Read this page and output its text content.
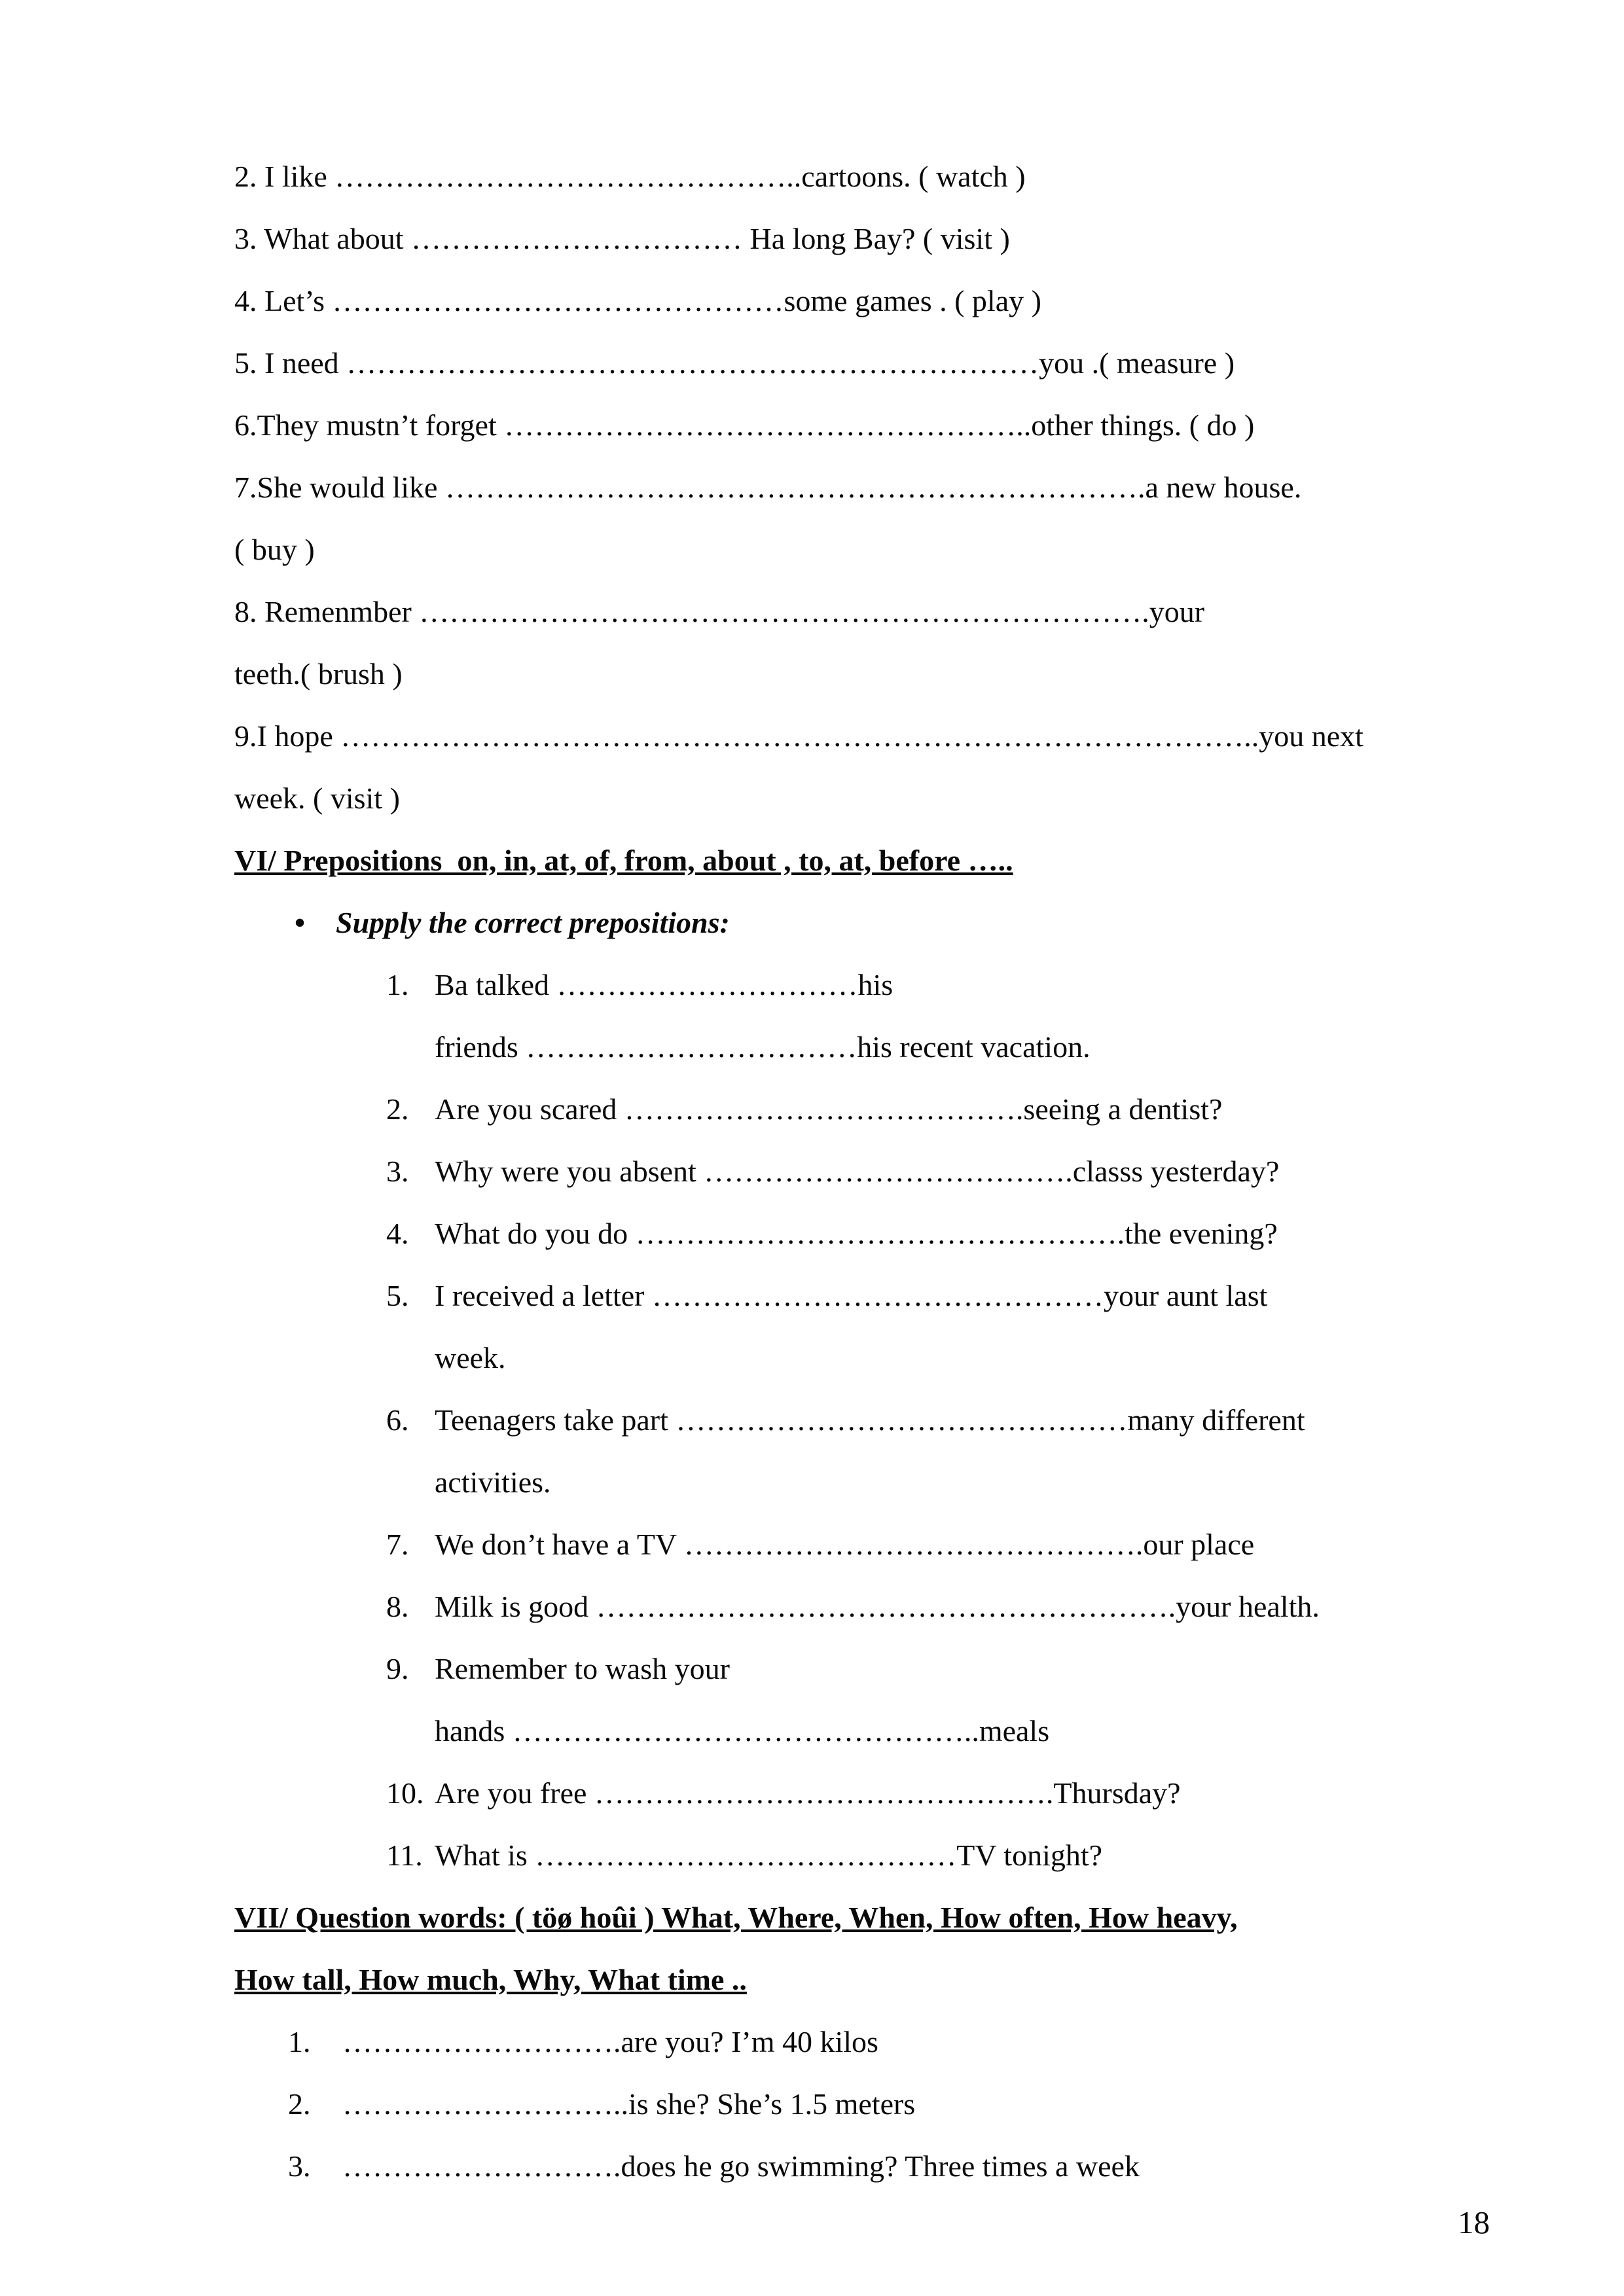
2. I like ………………………………………..cartoons. ( watch )

3. What about …………………………… Ha long Bay? ( visit )

4. Let’s ………………………………………some games . ( play )

5. I need ……………………………………………………………you .( measure )

6.They mustn’t forget ……………………………………………..other things. ( do )

7.She would like …………………………………………………………….a new house.

( buy )

8. Remenmber ……………………………………………………………….your

teeth.( brush )

9.I hope ………………………………………………………………………………..you next

week. ( visit )

VI/ Prepositions  on, in, at, of, from, about , to, at, before …..

•	Supply the correct prepositions:
1. Ba talked …………………………his
friends ……………………………his recent vacation.
2. Are you scared ………………………………….seeing a dentist?
3. Why were you absent ……………………………….classs yesterday?
4. What do you do ………………………………………….the evening?
5. I received a letter ………………………………………your aunt last
week.
6. Teenagers take part ………………………………………many different
activities.
7. We don’t have a TV ……………………………………….our place
8. Milk is good ………………………………………………….your health.
9. Remember to wash your
hands ………………………………………..meals
10. Are you free ……………………………………….Thursday?
11. What is ……………………………………TV tonight?

VII/ Question words: ( töø hoûi ) What, Where, When, How often, How heavy,

How tall, How much, Why, What time ..

1.	……………………….are you? I’m 40 kilos
2.	………………………..is she? She’s 1.5 meters
3.	……………………….does he go swimming? Three times a week
18
